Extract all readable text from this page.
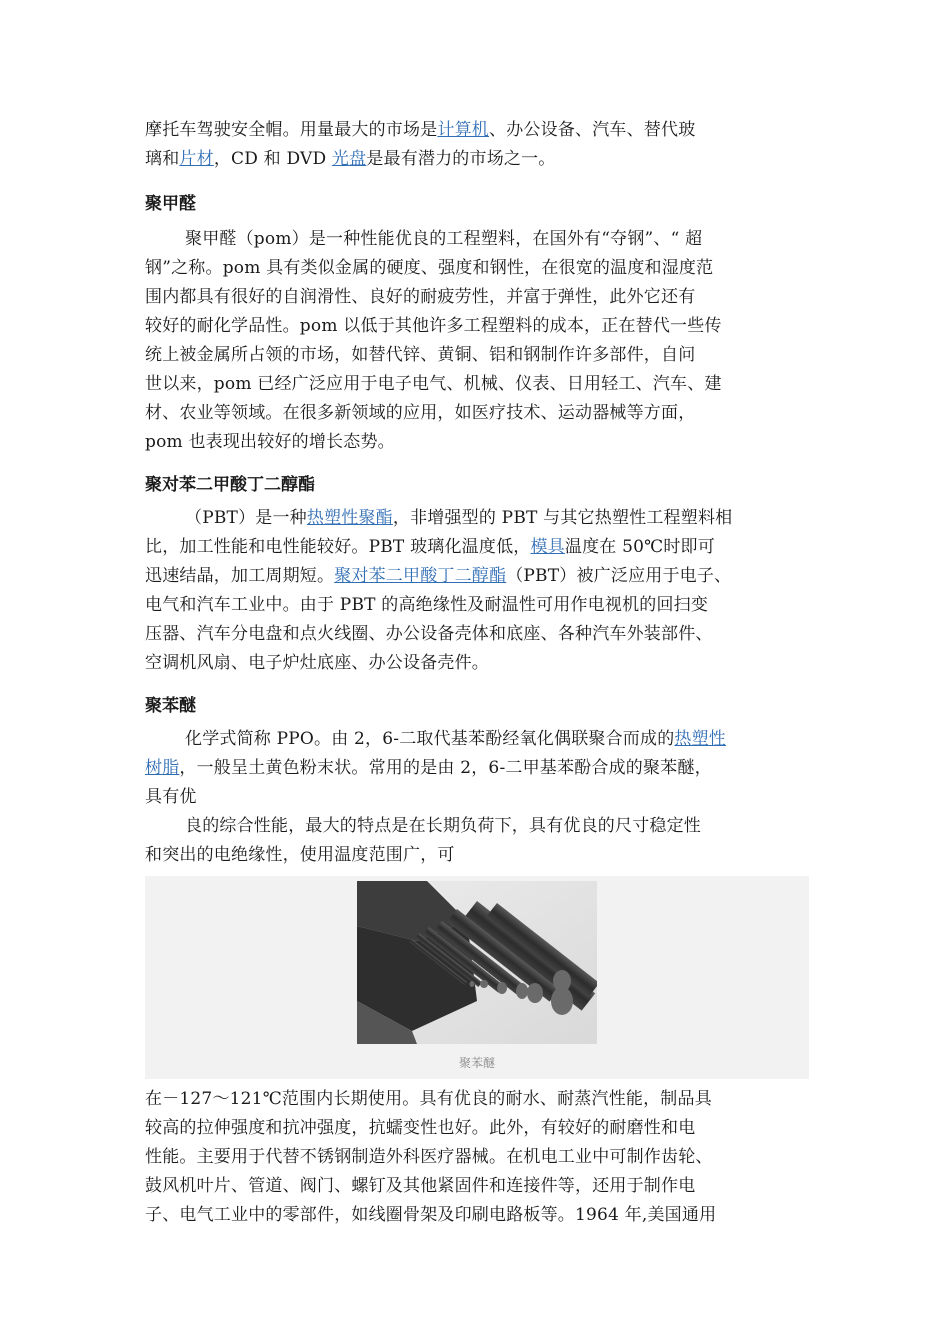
摩托车驾驶安全帽。用量最大的市场是计算机、办公设备、汽车、替代玻
璃和片材，CD 和 DVD 光盘是最有潜力的市场之一。
聚甲醛
聚甲醛（pom）是一种性能优良的工程塑料，在国外有“夺钢”、“ 超
钢”之称。pom 具有类似金属的硬度、强度和钢性，在很宽的温度和湿度范
围内都具有很好的自润滑性、良好的耐疲劳性，并富于弹性，此外它还有
较好的耐化学品性。pom 以低于其他许多工程塑料的成本，正在替代一些传
统上被金属所占领的市场，如替代锌、黄铜、铝和钢制作许多部件，自问
世以来，pom 已经广泛应用于电子电气、机械、仪表、日用轻工、汽车、建
材、农业等领域。在很多新领域的应用，如医疗技术、运动器械等方面，
pom 也表现出较好的增长态势。
聚对苯二甲酸丁二醇酯
（PBT）是一种热塑性聚酯，非增强型的 PBT 与其它热塑性工程塑料相
比，加工性能和电性能较好。PBT 玻璃化温度低，模具温度在 50℃时即可
迅速结晶，加工周期短。聚对苯二甲酸丁二醇酯（PBT）被广泛应用于电子、
电气和汽车工业中。由于 PBT 的高绝缘性及耐温性可用作电视机的回扫变
压器、汽车分电盘和点火线圈、办公设备壳体和底座、各种汽车外装部件、
空调机风扇、电子炉灶底座、办公设备壳件。
聚苯醚
化学式简称 PPO。由 2，6-二取代基苯酚经氧化偶联聚合而成的热塑性
树脂，一般呈土黄色粉末状。常用的是由 2，6-二甲基苯酚合成的聚苯醚，
具有优
良的综合性能，最大的特点是在长期负荷下，具有优良的尺寸稳定性
和突出的电绝缘性，使用温度范围广，可
聚苯醚
在－127～121℃范围内长期使用。具有优良的耐水、耐蒸汽性能，制品具
较高的拉伸强度和抗冲强度，抗蠕变性也好。此外，有较好的耐磨性和电
性能。主要用于代替不锈钢制造外科医疗器械。在机电工业中可制作齿轮、
鼓风机叶片、管道、阀门、螺钉及其他紧固件和连接件等，还用于制作电
子、电气工业中的零部件，如线圈骨架及印刷电路板等。1964 年,美国通用
